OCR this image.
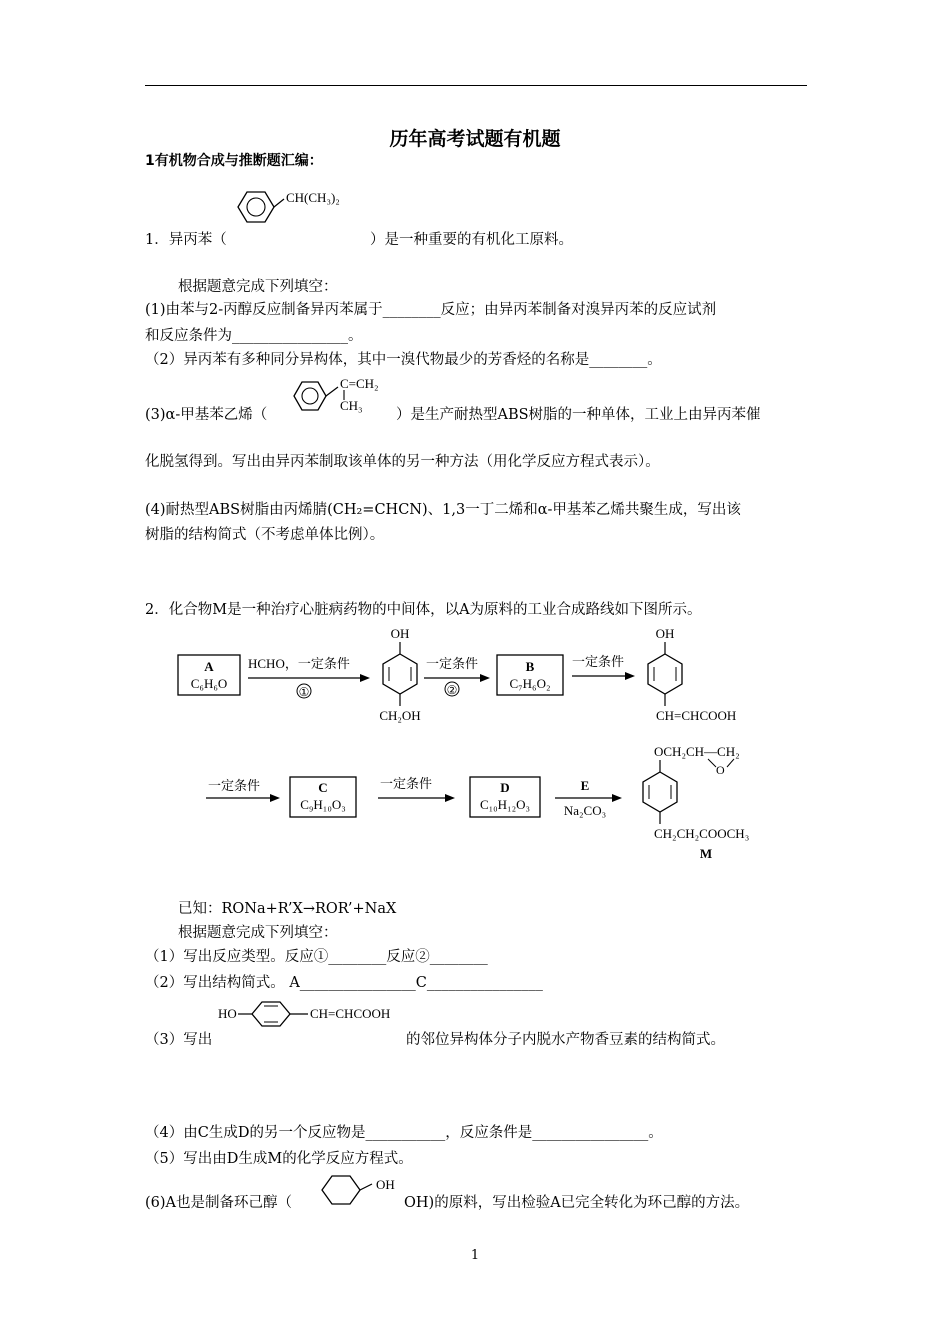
历年高考试题有机题
1有机物合成与推断题汇编：
CH(CH₃)₂
1．异丙苯（	）是一种重要的有机化工原料。
根据题意完成下列填空：
(1)由苯与2-丙醇反应制备异丙苯属于________反应；由异丙苯制备对溴异丙苯的反应试剂
和反应条件为________________。
（2）异丙苯有多种同分异构体，其中一溴代物最少的芳香烃的名称是________。
C=CH₂
CH₃
(3)α-甲基苯乙烯（	）是生产耐热型ABS树脂的一种单体，工业上由异丙苯催
化脱氢得到。写出由异丙苯制取该单体的另一种方法（用化学反应方程式表示）。
(4)耐热型ABS树脂由丙烯腈(CH₂=CHCN)、1,3一丁二烯和α-甲基苯乙烯共聚生成，写出该
树脂的结构简式（不考虑单体比例）。
2．化合物M是一种治疗心脏病药物的中间体，以A为原料的工业合成路线如下图所示。
A
C₆H₆O
HCHO，一定条件
①
OH
CH₂OH
一定条件
②
B
C₇H₆O₂
一定条件
OH
CH=CHCOOH
一定条件	C
C₉H₁₀O₃
一定条件	D
C₁₀H₁₂O₃
E
Na₂CO₃
OCH₂CH—CH₂
O
CH₂CH₂COOCH₃
M
已知：RONa+R’X→ROR’+NaX
根据题意完成下列填空：
（1）写出反应类型。反应①________反应②________
（2）写出结构简式。 A________________C________________
HO	CH=CHCOOH
（3）写出	的邻位异构体分子内脱水产物香豆素的结构简式。
（4）由C生成D的另一个反应物是___________，反应条件是________________。
（5）写出由D生成M的化学反应方程式。
OH
(6)A也是制备环己醇（	OH)的原料，写出检验A已完全转化为环己醇的方法。
1
